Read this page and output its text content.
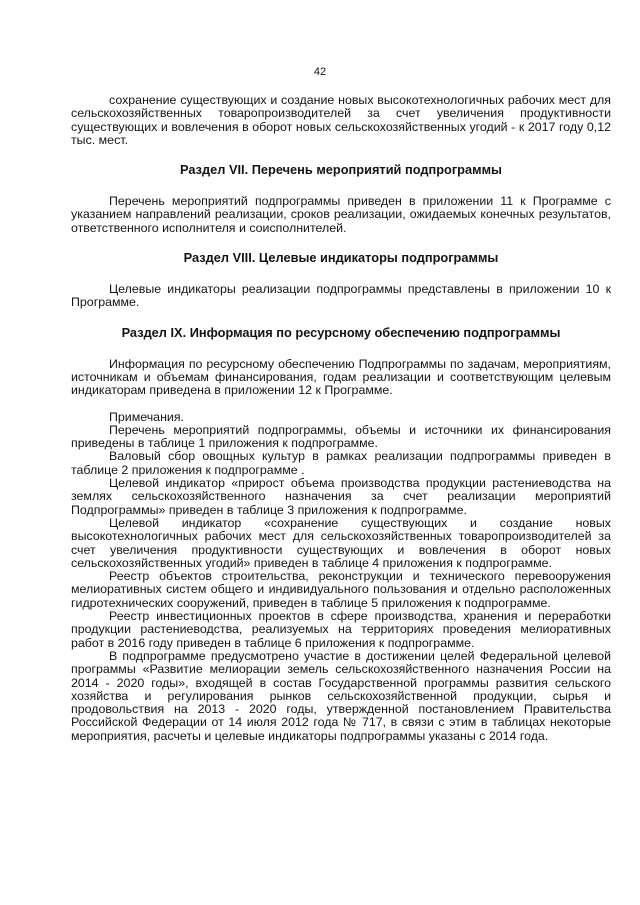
42

сохранение существующих и создание новых высокотехнологичных рабочих мест для сельскохозяйственных товаропроизводителей за счет увеличения продуктивности существующих и вовлечения в оборот новых сельскохозяйственных угодий - к 2017 году 0,12 тыс. мест.

Раздел VII. Перечень мероприятий подпрограммы

Перечень мероприятий подпрограммы приведен в приложении 11 к Программе с указанием направлений реализации, сроков реализации, ожидаемых конечных результатов, ответственного исполнителя и соисполнителей.

Раздел VIII. Целевые индикаторы подпрограммы

Целевые индикаторы реализации подпрограммы представлены в приложении 10 к Программе.

Раздел IX. Информация по ресурсному обеспечению подпрограммы

Информация по ресурсному обеспечению Подпрограммы по задачам, мероприятиям, источникам и объемам финансирования, годам реализации и соответствующим целевым индикаторам приведена в приложении 12 к Программе.

Примечания.

Перечень мероприятий подпрограммы, объемы и источники их финансирования приведены в таблице 1 приложения к подпрограмме.

Валовый сбор овощных культур в рамках реализации подпрограммы приведен в таблице 2 приложения к подпрограмме .

Целевой индикатор «прирост объема производства продукции растениеводства на землях сельскохозяйственного назначения за счет реализации мероприятий Подпрограммы» приведен в таблице 3 приложения к подпрограмме.

Целевой индикатор «сохранение существующих и создание новых высокотехнологичных рабочих мест для сельскохозяйственных товаропроизводителей за счет увеличения продуктивности существующих и вовлечения в оборот новых сельскохозяйственных угодий» приведен в таблице 4 приложения к подпрограмме.

Реестр объектов строительства, реконструкции и технического перевооружения мелиоративных систем общего и индивидуального пользования и отдельно расположенных гидротехнических сооружений, приведен в таблице 5 приложения к подпрограмме.

Реестр инвестиционных проектов в сфере производства, хранения и переработки продукции растениеводства, реализуемых на территориях проведения мелиоративных работ в 2016 году приведен в таблице 6 приложения к подпрограмме.

В подпрограмме предусмотрено участие в достижении целей Федеральной целевой программы «Развитие мелиорации земель сельскохозяйственного назначения России на 2014 - 2020 годы», входящей в состав Государственной программы развития сельского хозяйства и регулирования рынков сельскохозяйственной продукции, сырья и продовольствия на 2013 - 2020 годы, утвержденной постановлением Правительства Российской Федерации от 14 июля 2012 года № 717, в связи с этим в таблицах некоторые мероприятия, расчеты и целевые индикаторы подпрограммы указаны с 2014 года.
